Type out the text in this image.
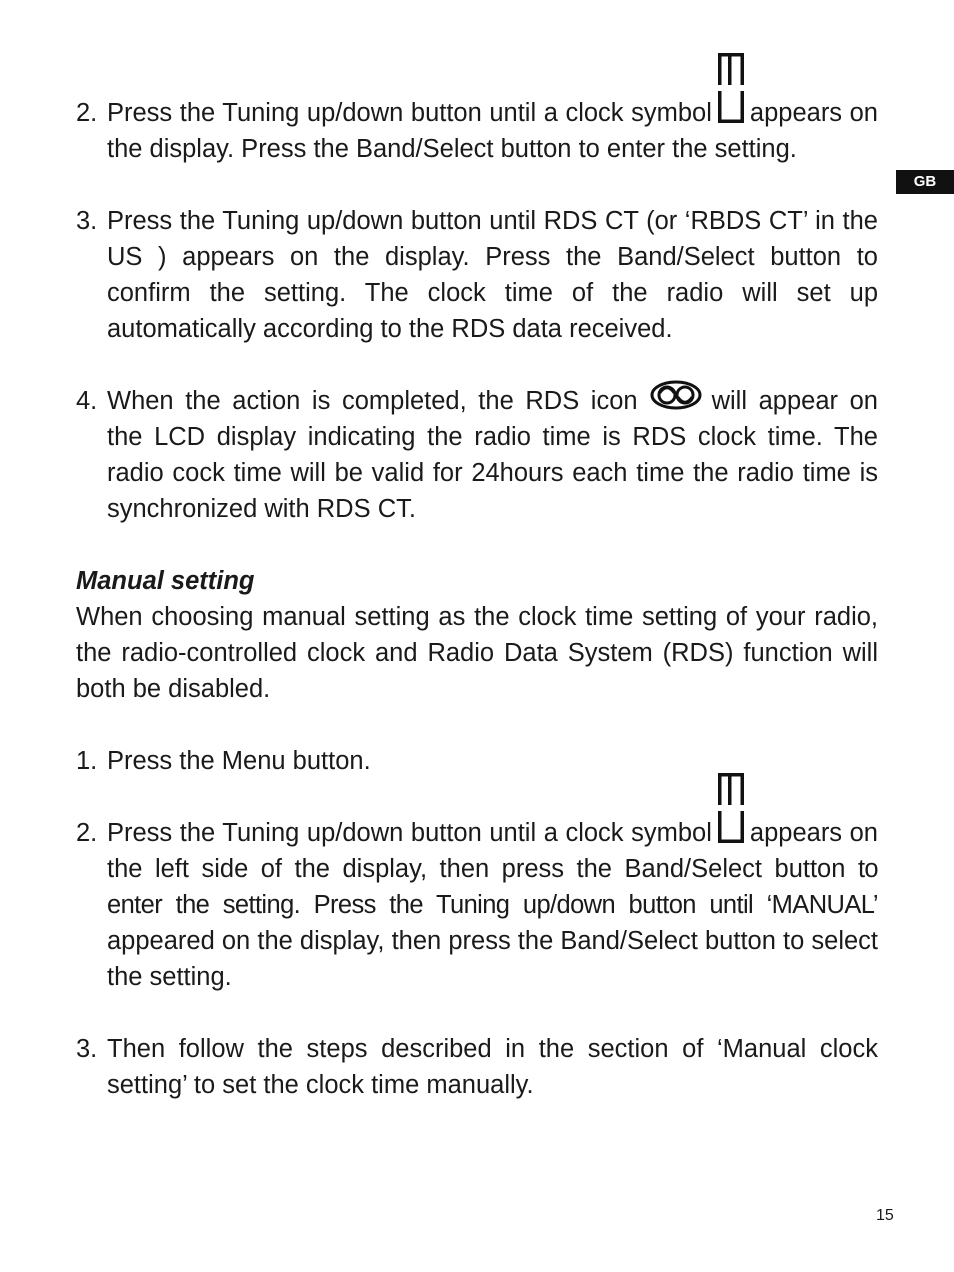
GB
2. Press the Tuning up/down button until a clock symbol appears on the display. Press the Band/Select button to enter the setting.
3. Press the Tuning up/down button until RDS CT (or ‘RBDS CT’ in the US ) appears on the display. Press the Band/Select button to confirm the setting. The clock time of the radio will set up automatically according to the RDS data received.
4. When the action is completed, the RDS icon	will appear on the LCD display indicating the radio time is RDS clock time. The radio cock time will be valid for 24hours each time the radio time is synchronized with RDS CT.
Manual setting
When choosing manual setting as the clock time setting of your radio, the radio-controlled clock and Radio Data System (RDS) function will both be disabled.
1. Press the Menu button.
2. Press the Tuning up/down button until a clock symbol appears on the left side of the display, then press the Band/Select button to enter the setting. Press the Tuning up/down button until ‘MANUAL’ appeared on the display, then press the Band/Select button to select the setting.
3. Then follow the steps described in the section of ‘Manual clock setting’ to set the clock time manually.
15
